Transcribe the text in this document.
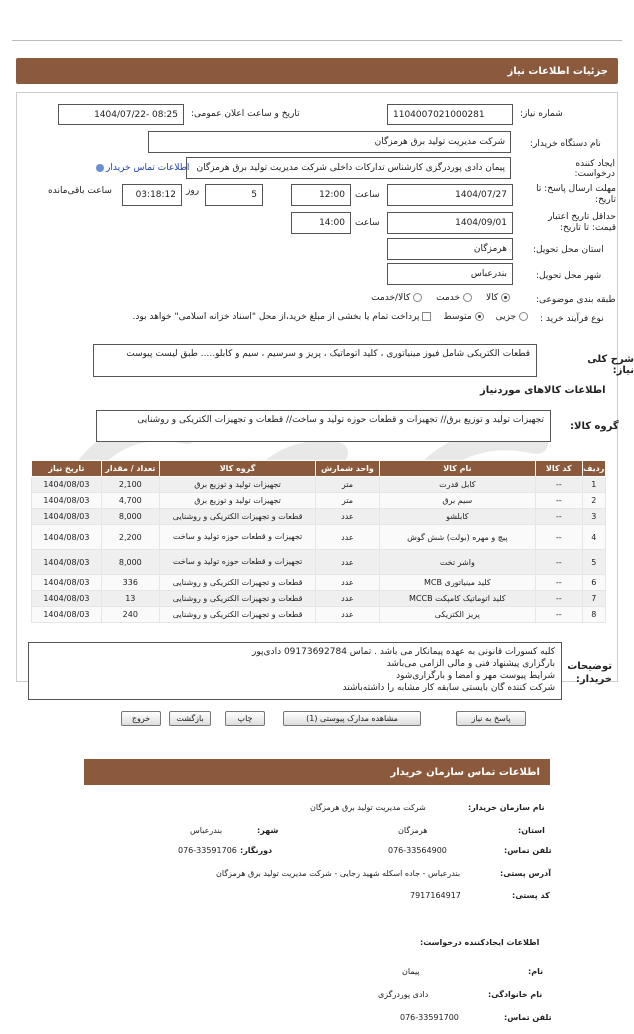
جزئیات اطلاعات نیاز
شماره نیاز:
1104007021000281
تاریخ و ساعت اعلان عمومی:
1404/07/22- 08:25
نام دستگاه خریدار:
شرکت مدیریت تولید برق هرمزگان
ایجاد کننده درخواست:
پیمان دادی پوردرگزی کارشناس تدارکات داخلی شرکت مدیریت تولید برق هرمزگان
اطلاعات تماس خریدار
مهلت ارسال پاسخ: تا تاریخ:
1404/07/27
ساعت
12:00
5
روز
03:18:12
ساعت باقی‌مانده
حداقل تاریخ اعتبار قیمت: تا تاریخ:
1404/09/01
ساعت
14:00
استان محل تحویل:
هرمزگان
شهر محل تحویل:
بندرعباس
طبقه بندی موضوعی:
کالا
خدمت
کالا/خدمت
نوع فرآیند خرید :
جزیی
متوسط
پرداخت تمام یا بخشی از مبلغ خرید،از محل "اسناد خزانه اسلامی" خواهد بود.
شرح کلی نیاز:
قطعات الکتریکی شامل فیوز مینیاتوری ، کلید اتوماتیک ، پریز و سرسیم ، سیم و کابلو..... طبق لیست پیوست
اطلاعات کالاهای موردنیاز
گروه کالا:
تجهیزات تولید و توزیع برق// تجهیزات و قطعات حوزه تولید و ساخت// قطعات و تجهیزات الکتریکی و روشنایی
ردیف	کد کالا	نام کالا	واحد شمارش	گروه کالا	تعداد / مقدار	تاریخ نیاز
1	--	کابل قدرت	متر	تجهیزات تولید و توزیع برق	2,100	1404/08/03
2	--	سیم برق	متر	تجهیزات تولید و توزیع برق	4,700	1404/08/03
3	--	کابلشو	عدد	قطعات و تجهیزات الکتریکی و روشنایی	8,000	1404/08/03
4	--	پیچ و مهره (بولت) شش گوش	عدد	تجهیزات و قطعات حوزه تولید و ساخت	2,200	1404/08/03
5	--	واشر تخت	عدد	تجهیزات و قطعات حوزه تولید و ساخت	8,000	1404/08/03
6	--	کلید مینیاتوری MCB	عدد	قطعات و تجهیزات الکتریکی و روشنایی	336	1404/08/03
7	--	کلید اتوماتیک کامپکت MCCB	عدد	قطعات و تجهیزات الکتریکی و روشنایی	13	1404/08/03
8	--	پریز الکتریکی	عدد	قطعات و تجهیزات الکتریکی و روشنایی	240	1404/08/03
توضیحات خریدار:
کلیه کسورات قانونی به عهده پیمانکار می باشد . تماس 09173692784 دادی‌پور
بارگزاری پیشنهاد فنی و مالی الزامی می‌باشد
شرایط پیوست مهر و امضا و بارگزاری‌شود
شرکت کننده گان بایستی سابقه کار مشابه را داشته‌باشند
پاسخ به نیاز
مشاهده مدارک پیوستی (1)
چاپ
بازگشت
خروج
اطلاعات تماس سازمان خریدار
نام سازمان خریدار:
شرکت مدیریت تولید برق هرمزگان
استان:
هرمزگان
شهر:
بندرعباس
تلفن تماس:
076-33564900
دورنگار:
076-33591706
آدرس پستی:
بندرعباس - جاده اسکله شهید رجایی - شرکت مدیریت تولید برق هرمزگان
کد پستی:
7917164917
اطلاعات ایجادکننده درخواست:
نام:
پیمان
نام خانوادگی:
دادی پوردرگزی
تلفن تماس:
076-33591700
